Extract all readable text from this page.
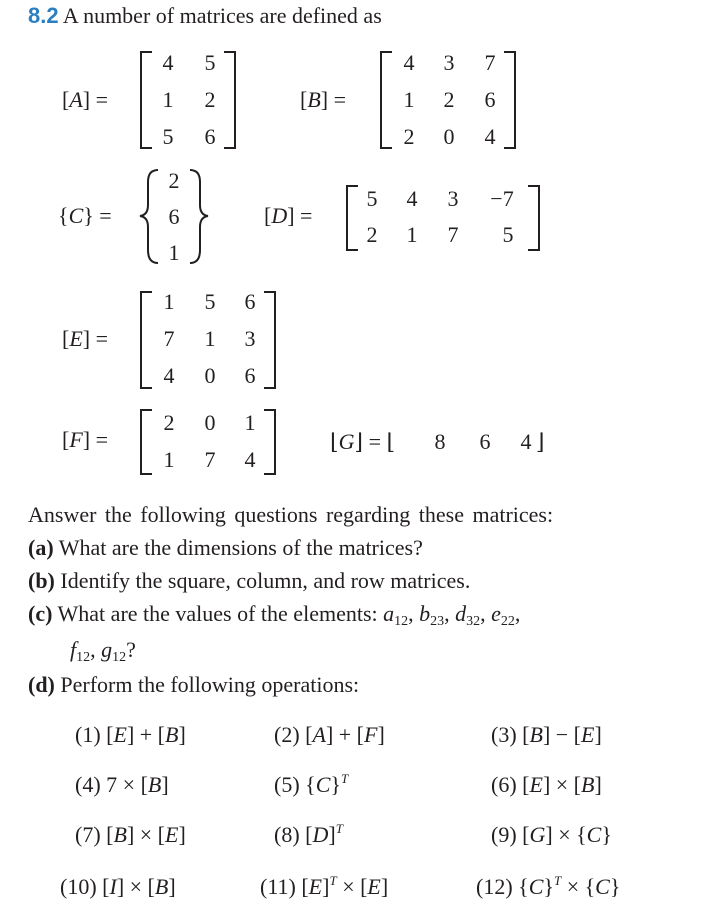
8.2 A number of matrices are defined as
[A] =
4	5
1	2
5	6
[B] =
4	3	7
1	2	6
2	0	4
{C} =
2
6
1
[D] =
5	4	3	−7
2	1	7	5
[E] =
1	5	6
7	1	3
4	0	6
[F] =
2	0	1
1	7	4
⌊G⌋ = ⌊	8	6	4 ⌋
Answer the following questions regarding these matrices:
(a) What are the dimensions of the matrices?
(b) Identify the square, column, and row matrices.
(c) What are the values of the elements: $a_{12}$, $b_{23}$, $d_{32}$, $e_{22}$,
$f_{12}$, $g_{12}$?
(d) Perform the following operations:
(1) [E] + [B]	(2) [A] + [F]	(3) [B] − [E]
(4) 7 × [B]	(5) $\{C\}^T$	(6) [E] × [B]
(7) [B] × [E]	(8) $[D]^T$	(9) [G] × {C}
(10) [I] × [B]	(11) $[E]^T \times [E]$	(12) $\{C\}^T \times \{C\}$
